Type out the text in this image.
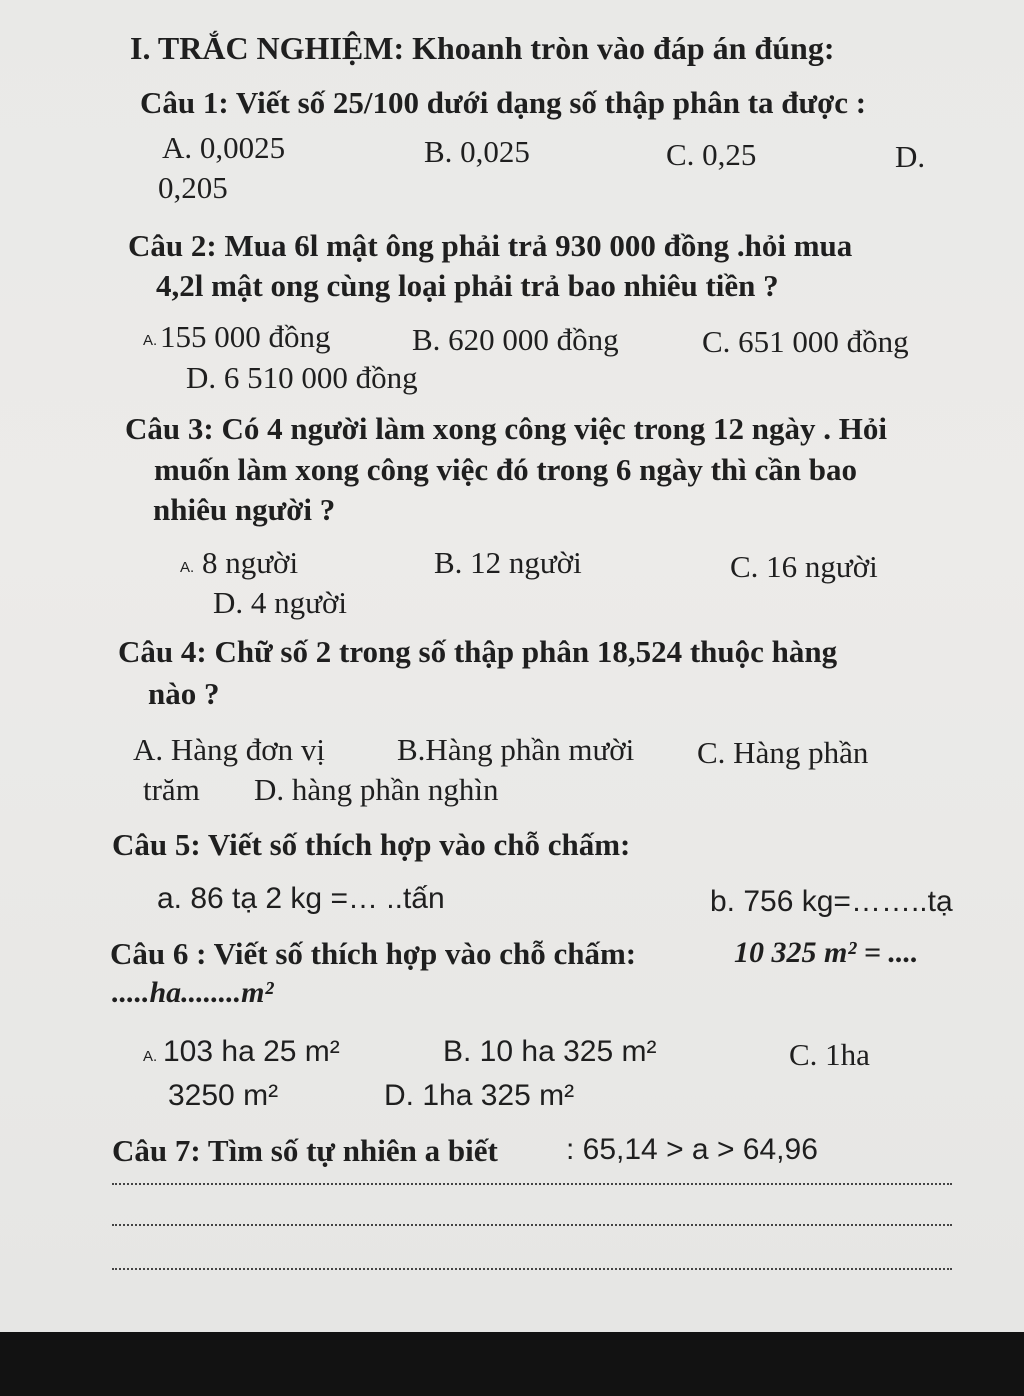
I. TRẮC NGHIỆM: Khoanh tròn vào đáp án đúng:
Câu 1: Viết số 25/100 dưới dạng số thập phân ta được :
A. 0,0025	B. 0,025	C. 0,25	D.
0,205
Câu 2: Mua 6l mật ông phải trả 930 000 đồng .hỏi mua
4,2l mật ong cùng loại phải trả bao nhiêu tiền ?
A. 155 000 đồng	B. 620 000 đồng	C. 651 000 đồng
D. 6 510 000 đồng
Câu 3: Có 4 người làm xong công việc trong 12 ngày . Hỏi
muốn làm xong công việc đó trong 6 ngày thì cần bao
nhiêu người ?
A. 8 người	B. 12 người	C. 16 người
D. 4 người
Câu 4: Chữ số 2 trong số thập phân 18,524 thuộc hàng
nào ?
A. Hàng đơn vị B.Hàng phần mười C. Hàng phần
trăm D. hàng phần nghìn
Câu 5: Viết số thích hợp vào chỗ chấm:
a. 86 tạ 2 kg =… ..tấn	b. 756 kg=……..tạ
Câu 6 : Viết số thích hợp vào chỗ chấm:	10 325 m² = ....
.....ha........m²
A. 103 ha 25 m²	B. 10 ha 325 m²	C. 1ha
3250 m²	D. 1ha 325 m²
Câu 7: Tìm số tự nhiên a biết : 65,14 > a > 64,96
